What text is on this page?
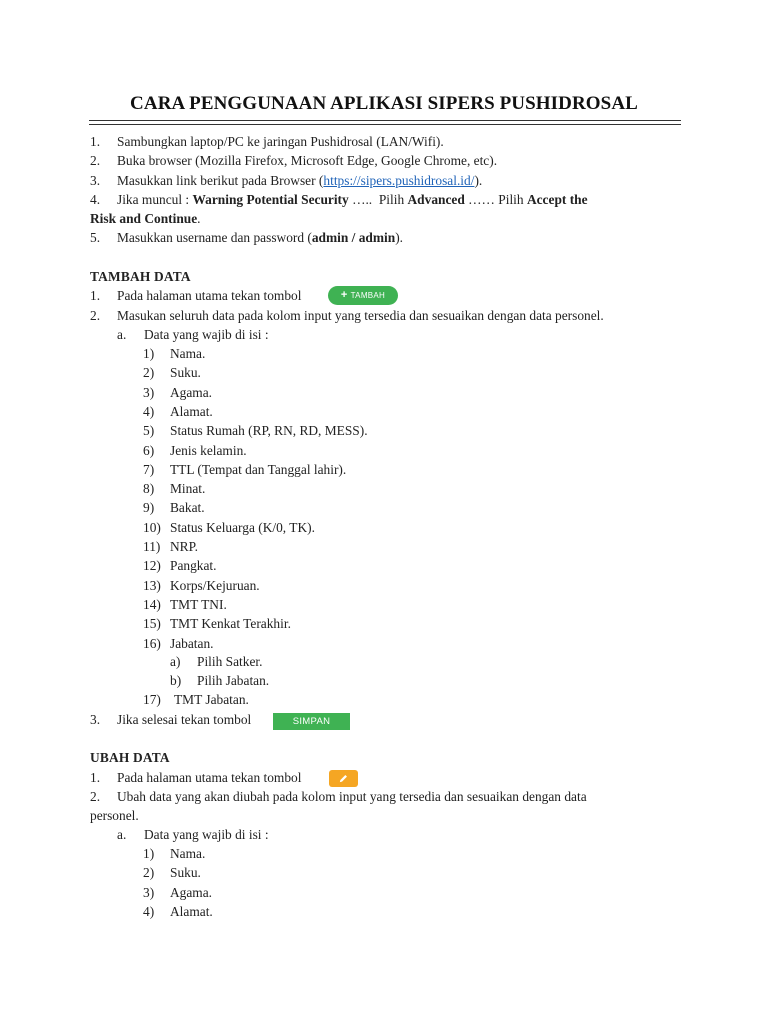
CARA PENGGUNAAN APLIKASI SIPERS PUSHIDROSAL
1. Sambungkan laptop/PC ke jaringan Pushidrosal (LAN/Wifi).
2. Buka browser (Mozilla Firefox, Microsoft Edge, Google Chrome, etc).
3. Masukkan link berikut pada Browser (https://sipers.pushidrosal.id/).
4. Jika muncul : Warning Potential Security …..  Pilih Advanced …… Pilih Accept the
Risk and Continue.
5. Masukkan username dan password (admin / admin).
TAMBAH DATA
1. Pada halaman utama tekan tombol	+ TAMBAH
2. Masukan seluruh data pada kolom input yang tersedia dan sesuaikan dengan data personel.
a. Data yang wajib di isi :
1) Nama.
2) Suku.
3) Agama.
4) Alamat.
5) Status Rumah (RP, RN, RD, MESS).
6) Jenis kelamin.
7) TTL (Tempat dan Tanggal lahir).
8) Minat.
9) Bakat.
10) Status Keluarga (K/0, TK).
11) NRP.
12) Pangkat.
13) Korps/Kejuruan.
14) TMT TNI.
15) TMT Kenkat Terakhir.
16) Jabatan.
a) Pilih Satker.
b) Pilih Jabatan.
17) TMT Jabatan.
3. Jika selesai tekan tombol	SIMPAN
UBAH DATA
1. Pada halaman utama tekan tombol
2. Ubah data yang akan diubah pada kolom input yang tersedia dan sesuaikan dengan data
personel.
a. Data yang wajib di isi :
1) Nama.
2) Suku.
3) Agama.
4) Alamat.
